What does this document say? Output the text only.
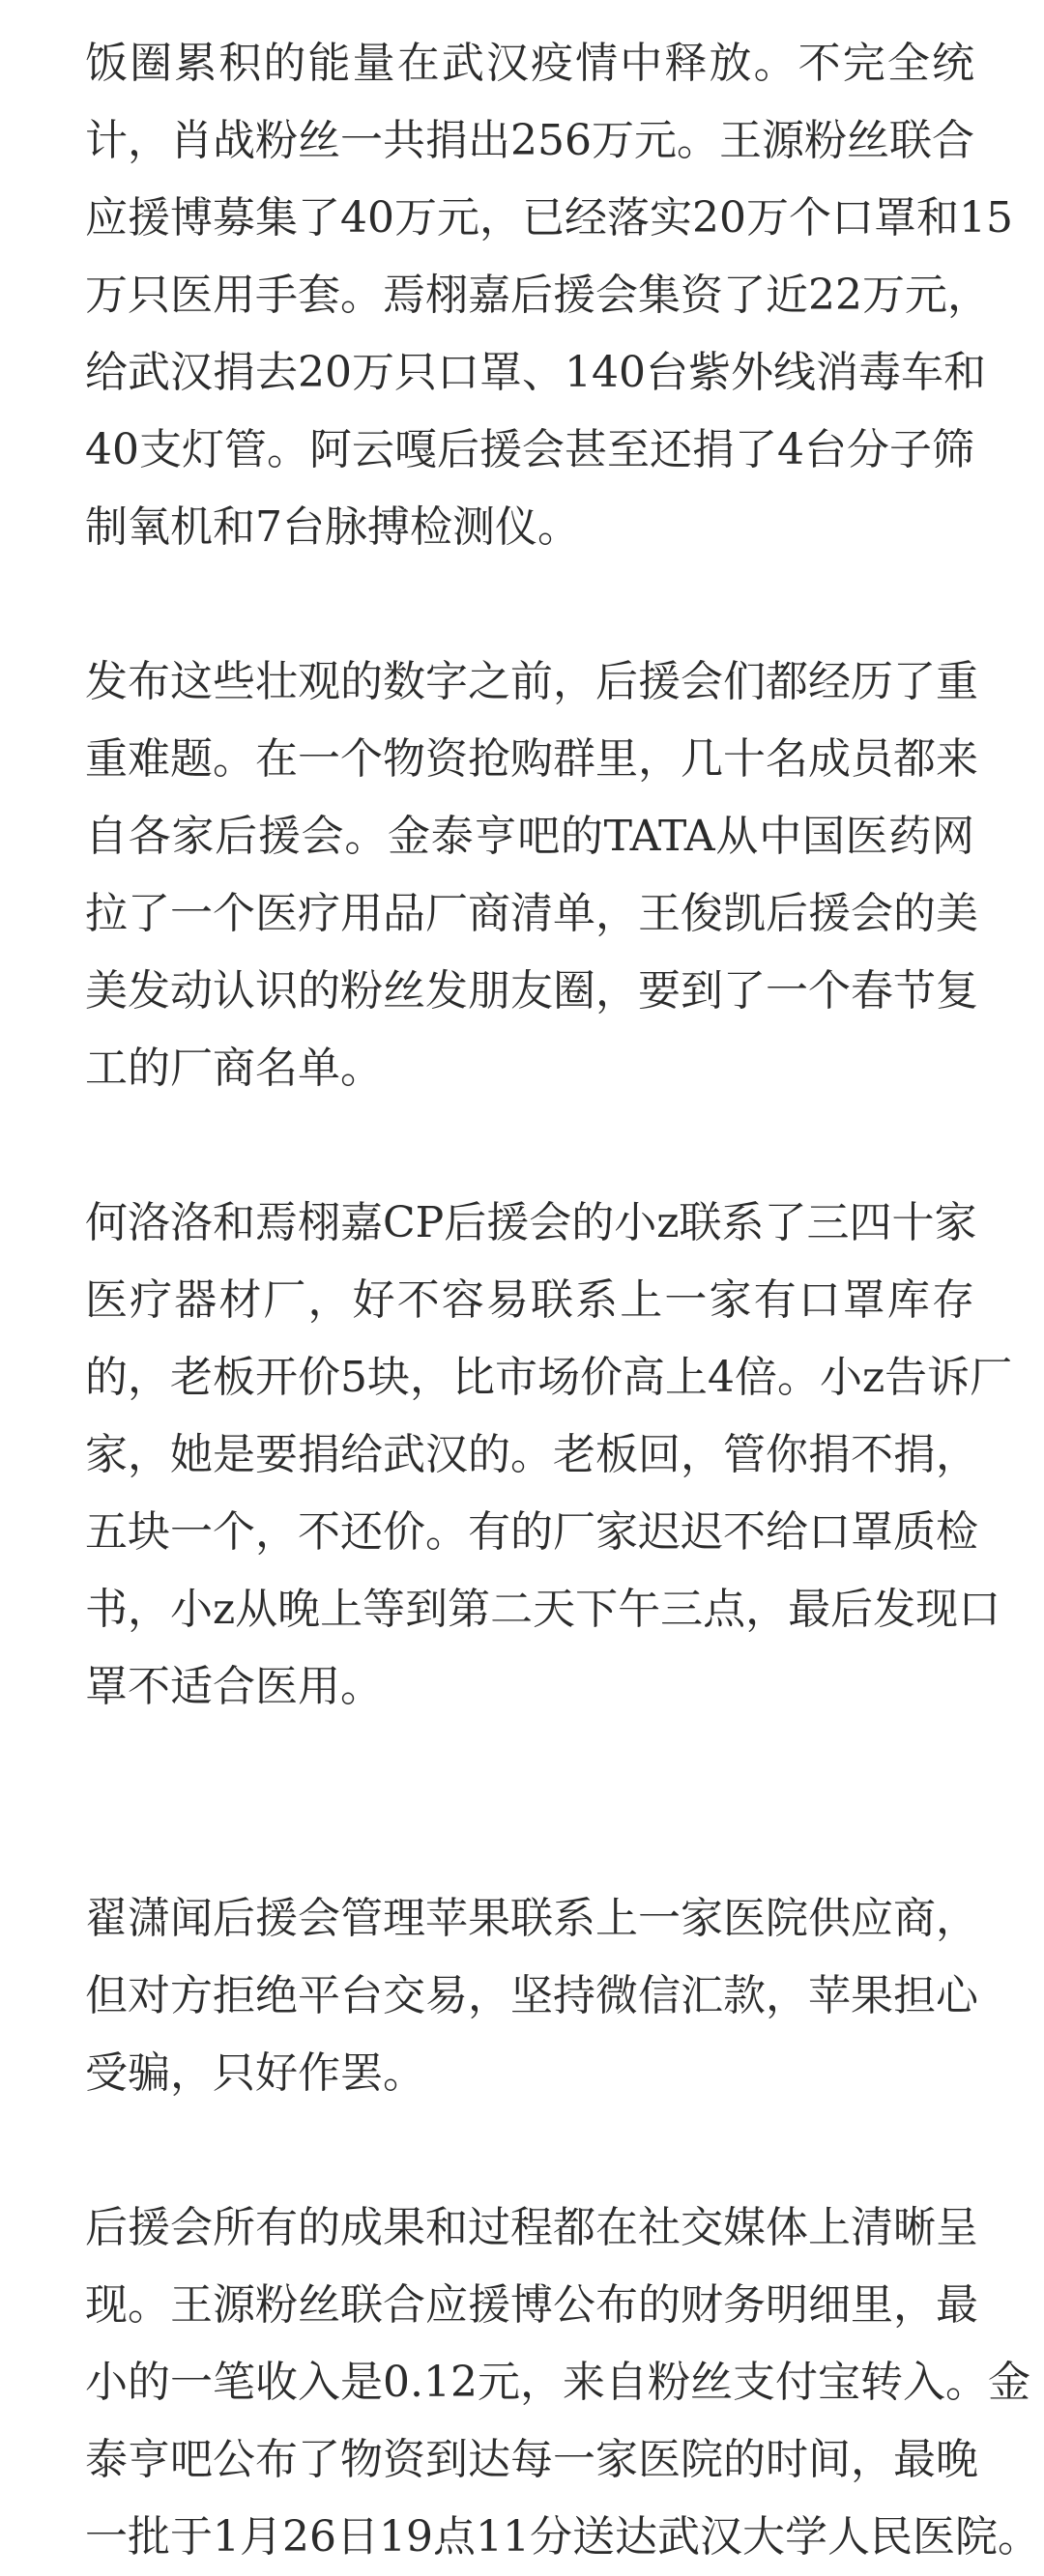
饭圈累积的能量在武汉疫情中释放。不完全统
计，肖战粉丝一共捐出256万元。王源粉丝联合
应援博募集了40万元，已经落实20万个口罩和15
万只医用手套。焉栩嘉后援会集资了近22万元，
给武汉捐去20万只口罩、140台紫外线消毒车和
40支灯管。阿云嘎后援会甚至还捐了4台分子筛
制氧机和7台脉搏检测仪。
发布这些壮观的数字之前，后援会们都经历了重
重难题。在一个物资抢购群里，几十名成员都来
自各家后援会。金泰亨吧的TATA从中国医药网
拉了一个医疗用品厂商清单，王俊凯后援会的美
美发动认识的粉丝发朋友圈，要到了一个春节复
工的厂商名单。
何洛洛和焉栩嘉CP后援会的小z联系了三四十家
医疗器材厂，好不容易联系上一家有口罩库存
的，老板开价5块，比市场价高上4倍。小z告诉厂
家，她是要捐给武汉的。老板回，管你捐不捐，
五块一个，不还价。有的厂家迟迟不给口罩质检
书，小z从晚上等到第二天下午三点，最后发现口
罩不适合医用。
翟潇闻后援会管理苹果联系上一家医院供应商，
但对方拒绝平台交易，坚持微信汇款，苹果担心
受骗，只好作罢。
后援会所有的成果和过程都在社交媒体上清晰呈
现。王源粉丝联合应援博公布的财务明细里，最
小的一笔收入是0.12元，来自粉丝支付宝转入。金
泰亨吧公布了物资到达每一家医院的时间，最晚
一批于1月26日19点11分送达武汉大学人民医院。
